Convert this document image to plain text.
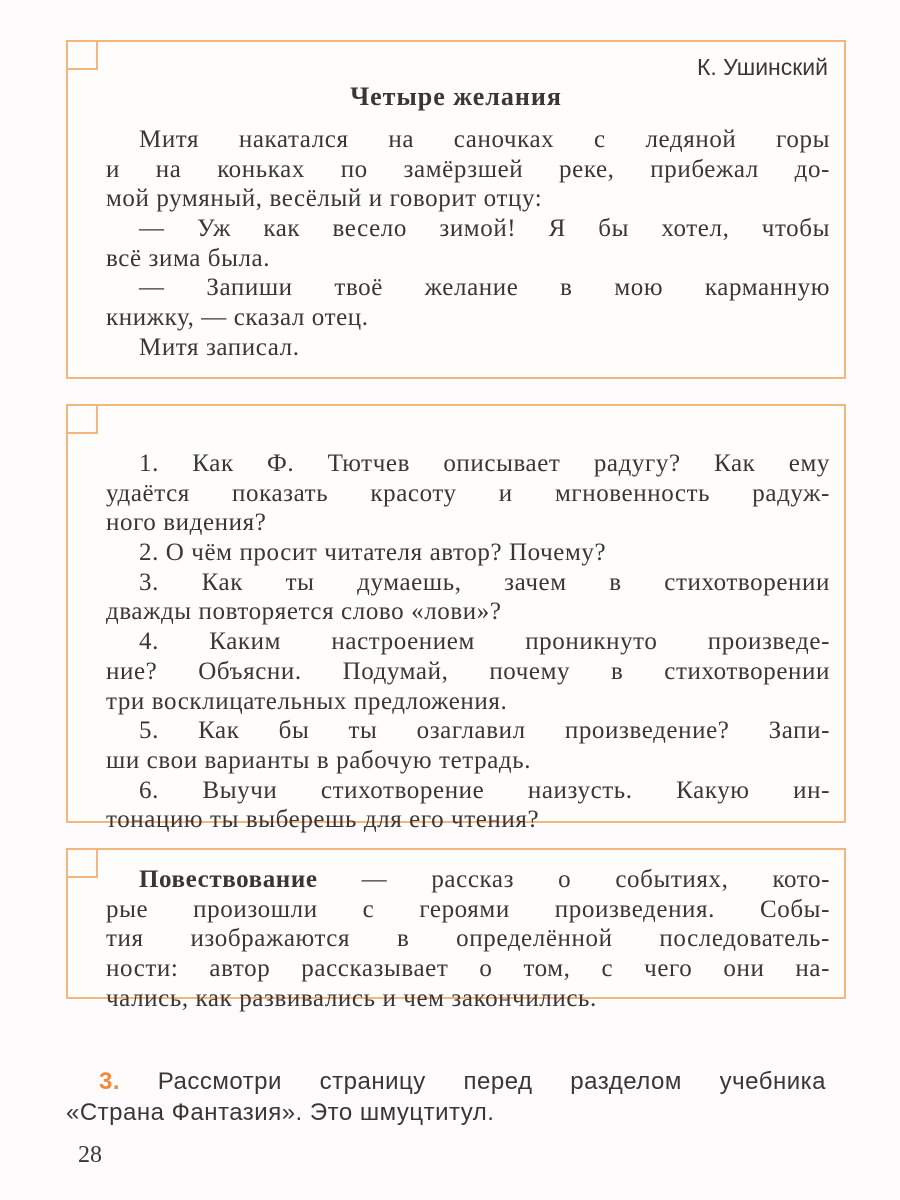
К. Ушинский
Четыре желания
Митя накатался на саночках с ледяной горы
и на коньках по замёрзшей реке, прибежал до-
мой румяный, весёлый и говорит отцу:
— Уж как весело зимой! Я бы хотел, чтобы
всё зима была.
— Запиши твоё желание в мою карманную
книжку, — сказал отец.
Митя записал.
1. Как Ф. Тютчев описывает радугу? Как ему
удаётся показать красоту и мгновенность радуж-
ного видения?
2. О чём просит читателя автор? Почему?
3. Как ты думаешь, зачем в стихотворении
дважды повторяется слово «лови»?
4. Каким настроением проникнуто произведе-
ние? Объясни. Подумай, почему в стихотворении
три восклицательных предложения.
5. Как бы ты озаглавил произведение? Запи-
ши свои варианты в рабочую тетрадь.
6. Выучи стихотворение наизусть. Какую ин-
тонацию ты выберешь для его чтения?
Повествование — рассказ о событиях, кото-
рые произошли с героями произведения. Собы-
тия изображаются в определённой последователь-
ности: автор рассказывает о том, с чего они на-
чались, как развивались и чем закончились.
3. Рассмотри страницу перед разделом учебника
«Страна Фантазия». Это шмуцтитул.
28
